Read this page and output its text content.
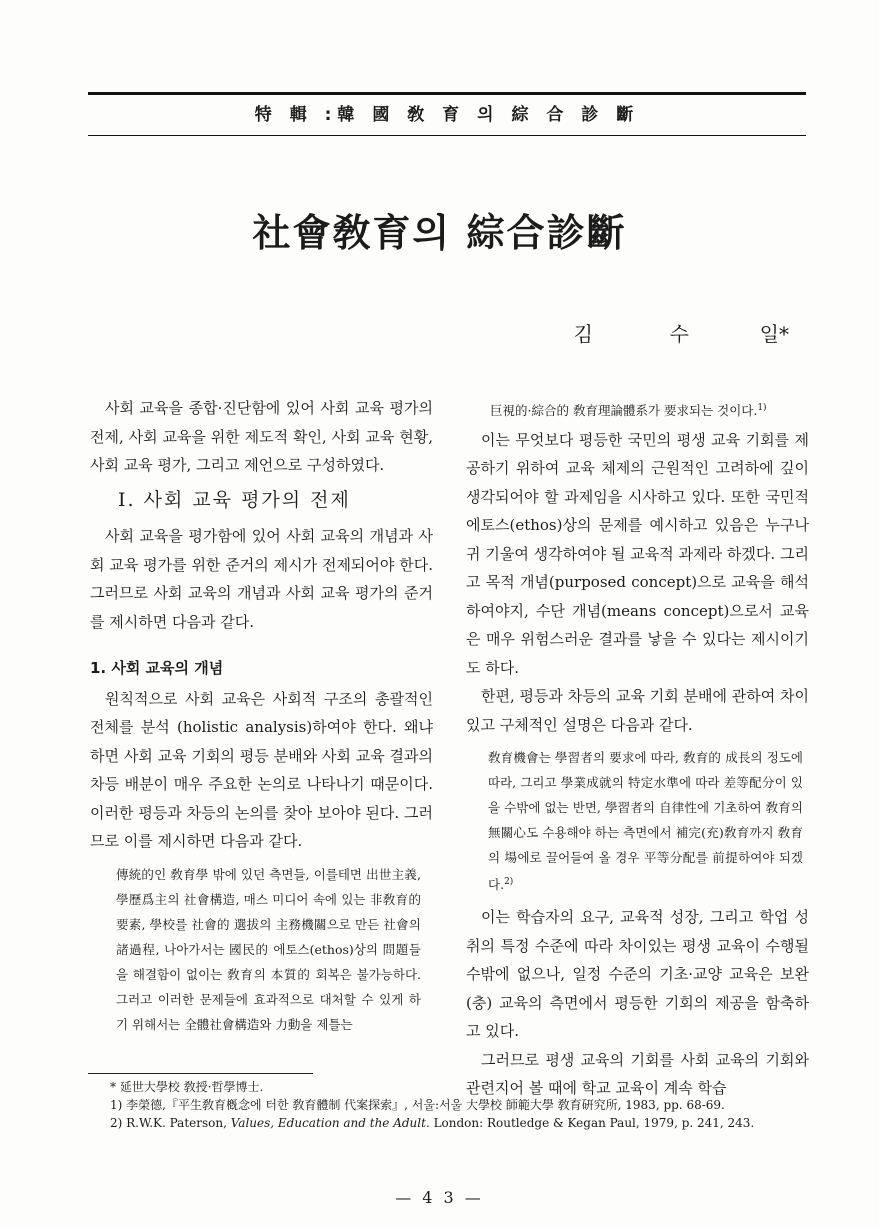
特 輯 :韓 國 敎 育 의 綜 合 診 斷
社會敎育의 綜合診斷
김	수	일*

사회 교육을 종합·진단함에 있어 사회 교육 평가의 전제, 사회 교육을 위한 제도적 확인, 사회 교육 현황, 사회 교육 평가, 그리고 제언으로 구성하였다.

Ⅰ. 사회 교육 평가의 전제

사회 교육을 평가함에 있어 사회 교육의 개념과 사회 교육 평가를 위한 준거의 제시가 전제되어야 한다. 그러므로 사회 교육의 개념과 사회 교육 평가의 준거를 제시하면 다음과 같다.

1. 사회 교육의 개념

원칙적으로 사회 교육은 사회적 구조의 총괄적인 전체를 분석 (holistic analysis)하여야 한다. 왜냐 하면 사회 교육 기회의 평등 분배와 사회 교육 결과의 차등 배분이 매우 주요한 논의로 나타나기 때문이다. 이러한 평등과 차등의 논의를 찾아 보아야 된다. 그러므로 이를 제시하면 다음과 같다.

傳統的인 敎育學 밖에 있던 측면들, 이를테면 出世主義, 學歷爲主의 社會構造, 매스 미디어 속에 있는 非敎育的 要素, 學校를 社會的 選拔의 主務機關으로 만든 社會의 諸過程, 나아가서는 國民的 에토스(ethos)상의 問題들을 해결함이 없이는 敎育의 本質的 회복은 불가능하다. 그러고 이러한 문제들에 효과적으로 대처할 수 있게 하기 위해서는 全體社會構造와 力動을 제틀는

巨視的·綜合的 敎育理論體系가 要求되는 것이다.$^{1)}$

이는 무엇보다 평등한 국민의 평생 교육 기회를 제공하기 위하여 교육 체제의 근원적인 고려하에 깊이 생각되어야 할 과제임을 시사하고 있다. 또한 국민적 에토스(ethos)상의 문제를 예시하고 있음은 누구나 귀 기울여 생각하여야 될 교육적 과제라 하겠다. 그리고 목적 개념(purposed concept)으로 교육을 해석하여야지, 수단 개념(means concept)으로서 교육은 매우 위험스러운 결과를 낳을 수 있다는 제시이기도 하다.

한편, 평등과 차등의 교육 기회 분배에 관하여 차이있고 구체적인 설명은 다음과 같다.

敎育機會는 學習者의 要求에 따라, 敎育的 成長의 정도에 따라, 그리고 學業成就의 特定水準에 따라 差等配分이 있을 수밖에 없는 반면, 學習者의 自律性에 기초하여 敎育의 無關心도 수용해야 하는 측면에서 補完(充)敎育까지 敎育의 場에로 끌어들여 올 경우 平等分配를 前提하여야 되겠다.$^{2)}$

이는 학습자의 요구, 교육적 성장, 그리고 학업 성취의 특정 수준에 따라 차이있는 평생 교육이 수행될 수밖에 없으나, 일정 수준의 기초·교양 교육은 보완(충) 교육의 측면에서 평등한 기회의 제공을 함축하고 있다.

그러므로 평생 교육의 기회를 사회 교육의 기회와 관련지어 볼 때에 학교 교육이 계속 학습

* 延世大學校 敎授·哲學博士.
1) 李榮德,『平生敎育槪念에 터한 敎育體制 代案探索』, 서울:서울 大學校 師範大學 敎育硏究所, 1983, pp. 68-69.
2) R.W.K. Paterson, Values, Education and the Adult. London: Routledge & Kegan Paul, 1979, p. 241, 243.
— 4 3 —
